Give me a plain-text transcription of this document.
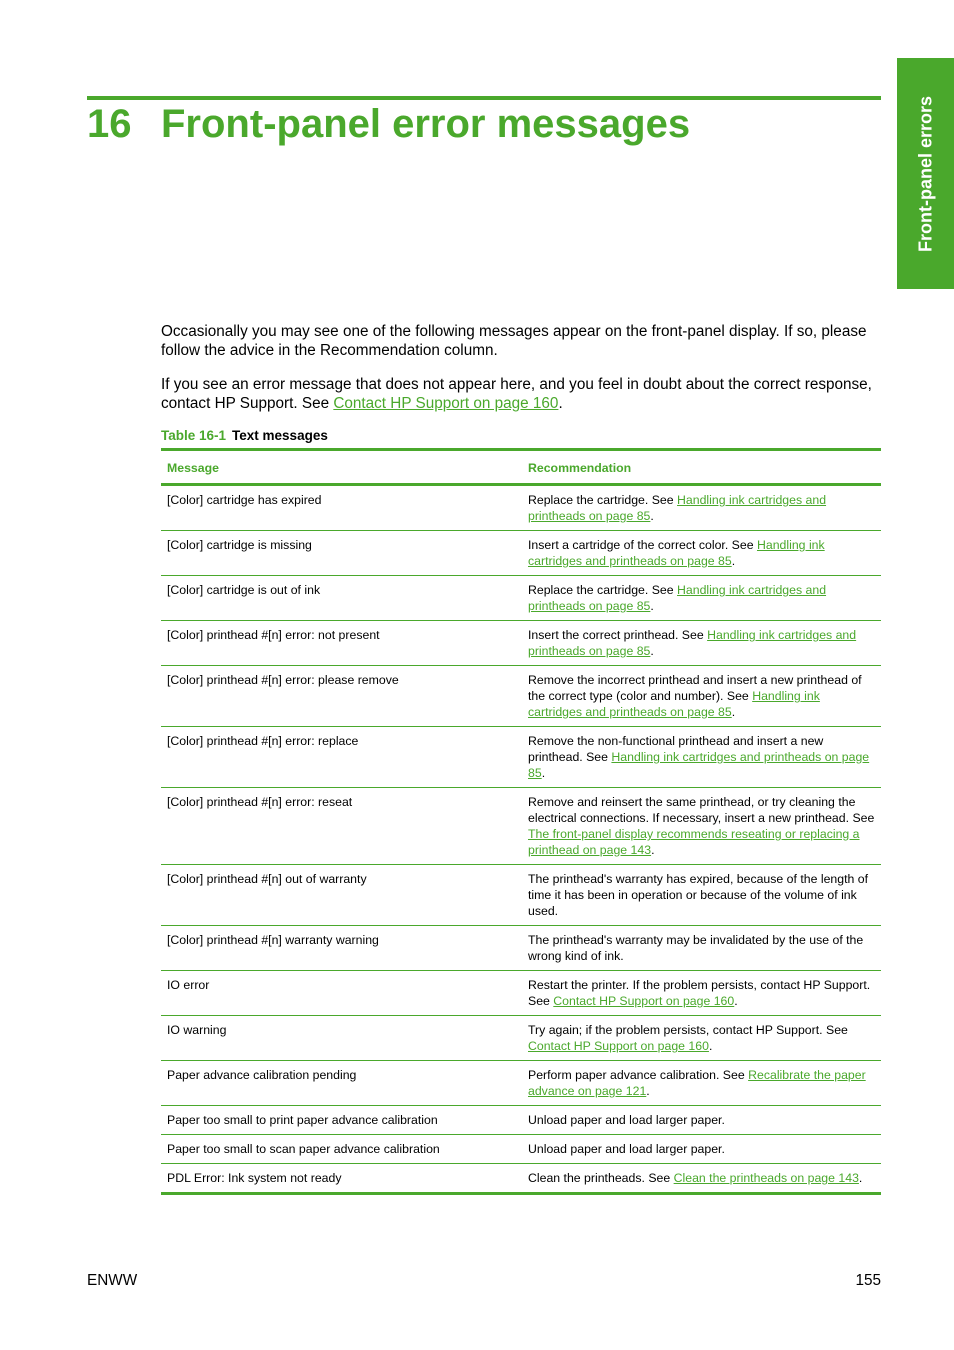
Front-panel errors
16 Front-panel error messages

Occasionally you may see one of the following messages appear on the front-panel display. If so, please follow the advice in the Recommendation column.

If you see an error message that does not appear here, and you feel in doubt about the correct response, contact HP Support. See Contact HP Support on page 160.

Table 16-1 Text messages
Message	Recommendation
[Color] cartridge has expired	Replace the cartridge. See Handling ink cartridges and printheads on page 85.
[Color] cartridge is missing	Insert a cartridge of the correct color. See Handling ink cartridges and printheads on page 85.
[Color] cartridge is out of ink	Replace the cartridge. See Handling ink cartridges and printheads on page 85.
[Color] printhead #[n] error: not present	Insert the correct printhead. See Handling ink cartridges and printheads on page 85.
[Color] printhead #[n] error: please remove	Remove the incorrect printhead and insert a new printhead of the correct type (color and number). See Handling ink cartridges and printheads on page 85.
[Color] printhead #[n] error: replace	Remove the non-functional printhead and insert a new printhead. See Handling ink cartridges and printheads on page 85.
[Color] printhead #[n] error: reseat	Remove and reinsert the same printhead, or try cleaning the electrical connections. If necessary, insert a new printhead. See The front-panel display recommends reseating or replacing a printhead on page 143.
[Color] printhead #[n] out of warranty	The printhead's warranty has expired, because of the length of time it has been in operation or because of the volume of ink used.
[Color] printhead #[n] warranty warning	The printhead's warranty may be invalidated by the use of the wrong kind of ink.
IO error	Restart the printer. If the problem persists, contact HP Support. See Contact HP Support on page 160.
IO warning	Try again; if the problem persists, contact HP Support. See Contact HP Support on page 160.
Paper advance calibration pending	Perform paper advance calibration. See Recalibrate the paper advance on page 121.
Paper too small to print paper advance calibration	Unload paper and load larger paper.
Paper too small to scan paper advance calibration	Unload paper and load larger paper.
PDL Error: Ink system not ready	Clean the printheads. See Clean the printheads on page 143.
ENWW	155
